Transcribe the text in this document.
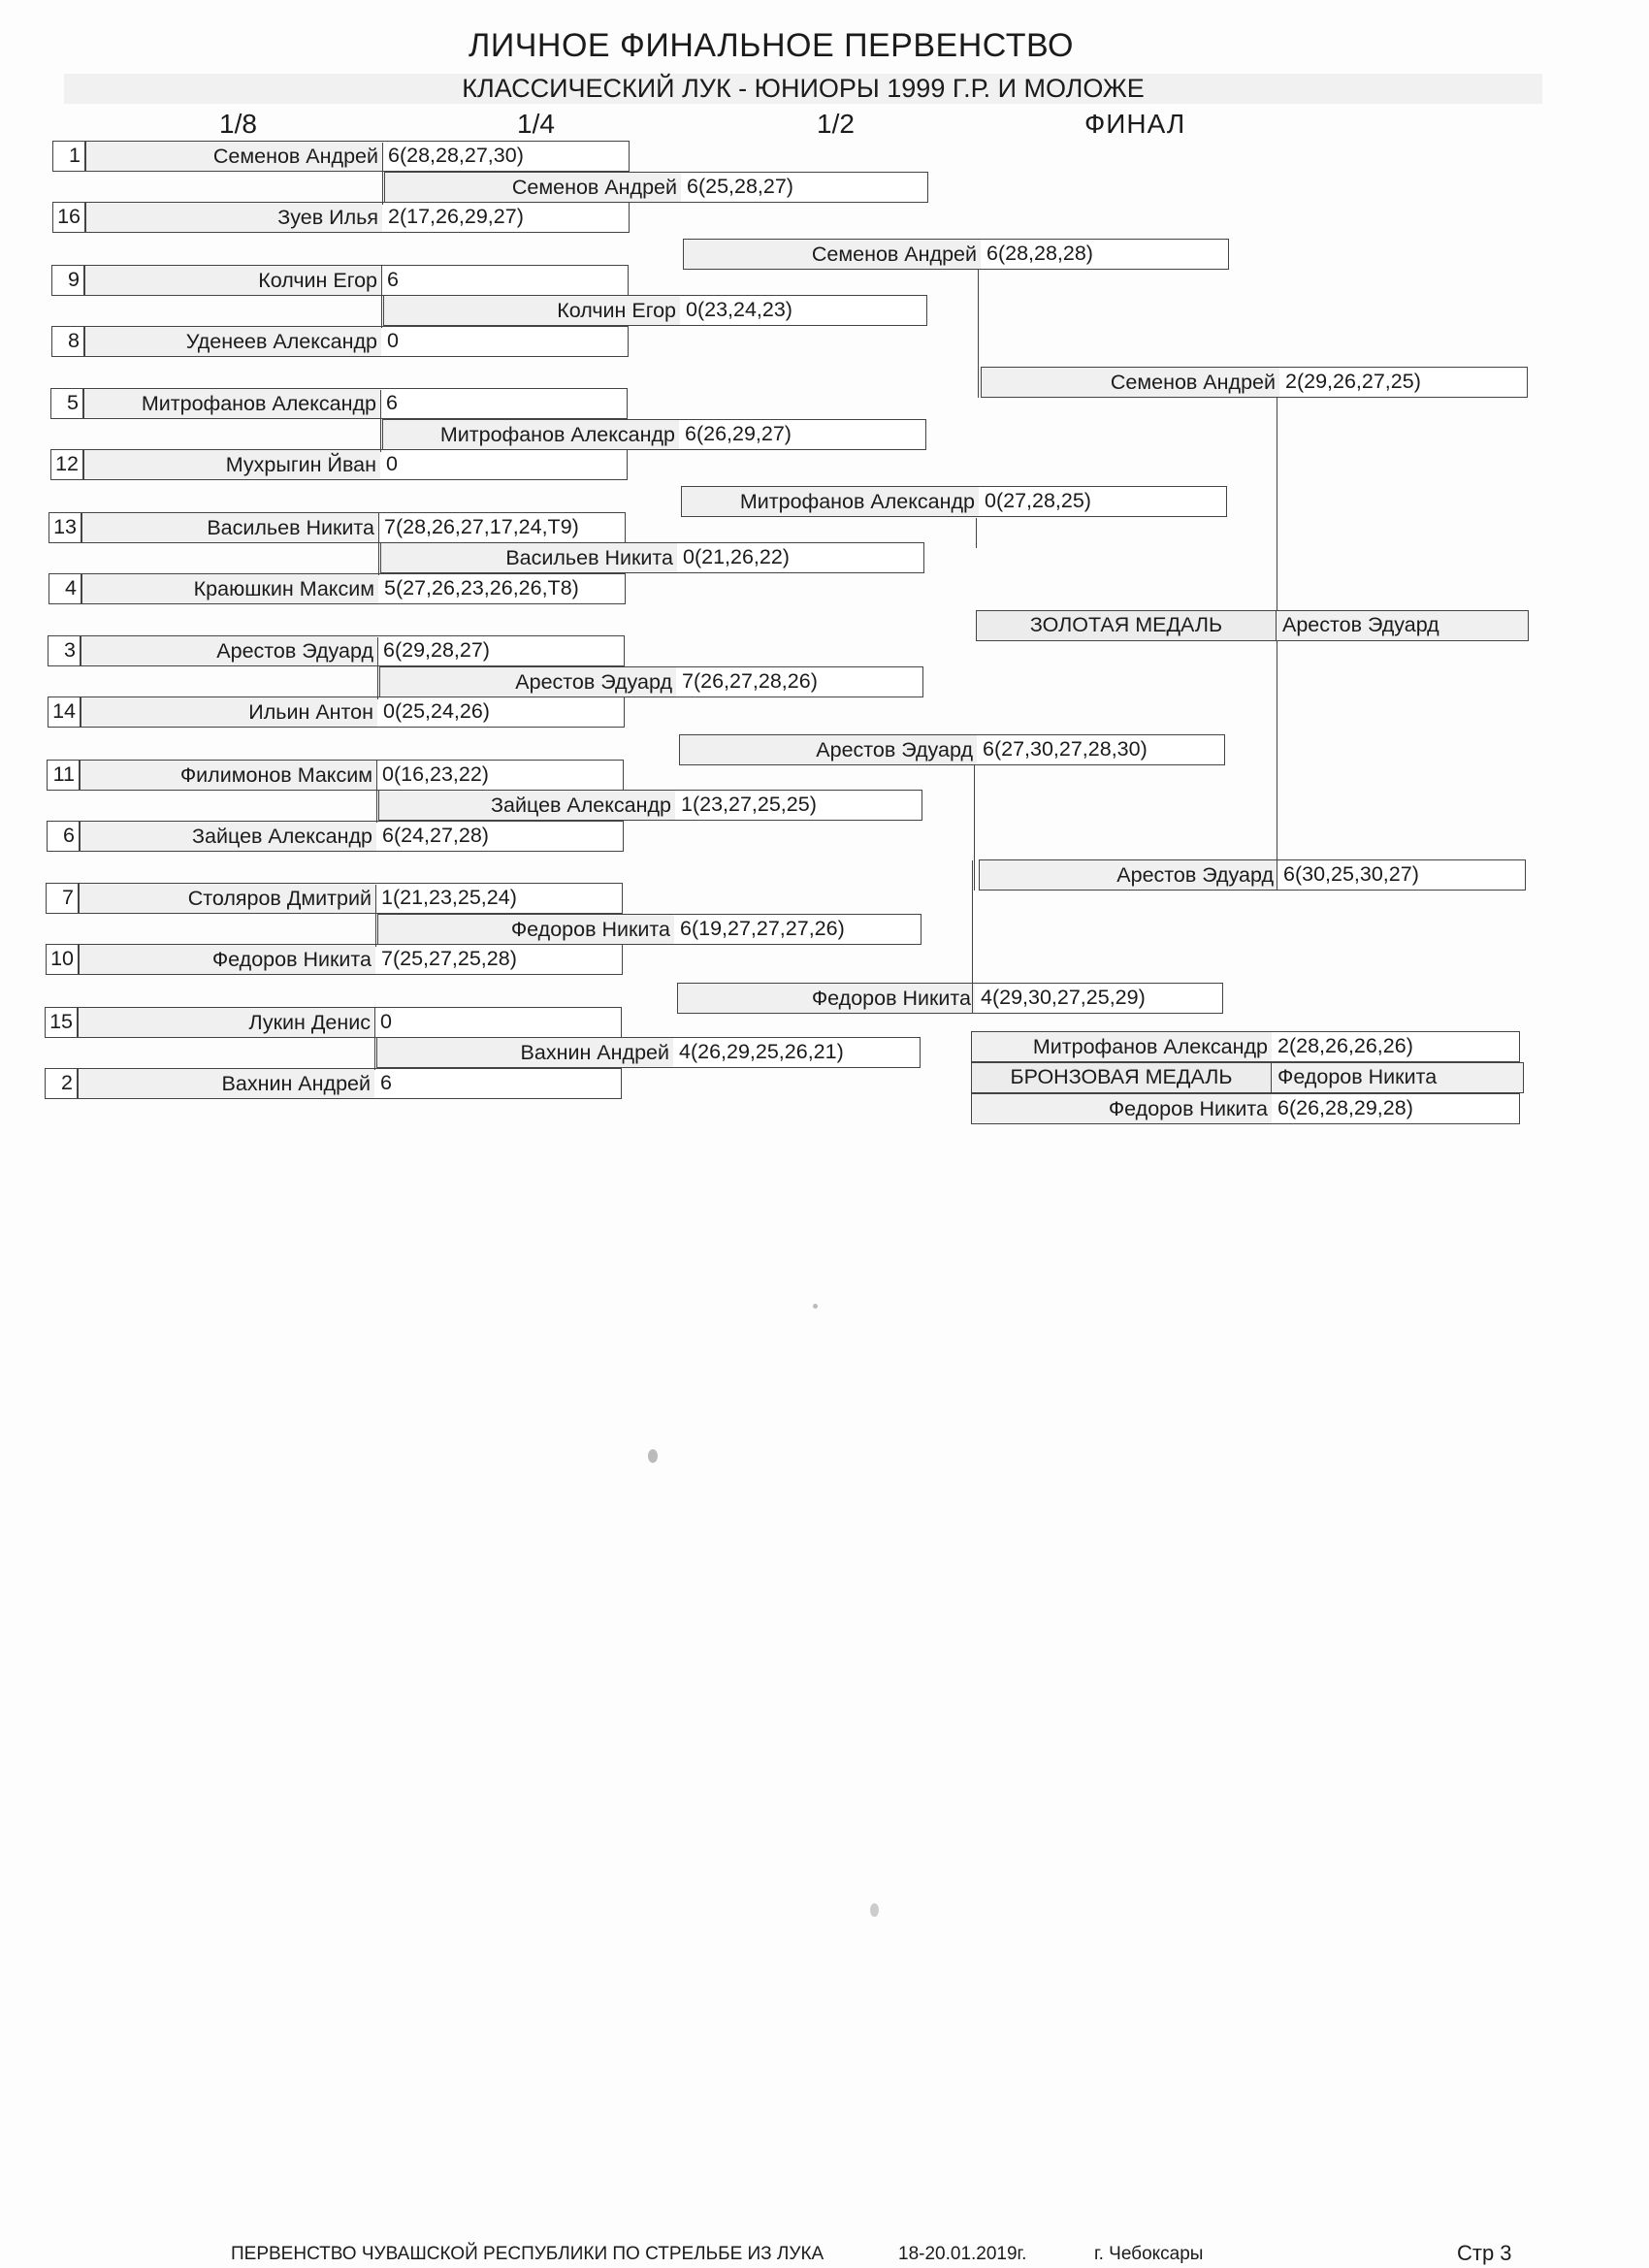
ЛИЧНОЕ ФИНАЛЬНОЕ ПЕРВЕНСТВО
КЛАССИЧЕСКИЙ ЛУК - ЮНИОРЫ 1999 Г.Р. И МОЛОЖЕ
1/8	1/4	1/2	ФИНАЛ
1	Семенов Андрей 6(28,28,27,30)
16	Зуев Илья 2(17,26,29,27)
9	Колчин Егор 6
8	Уденеев Александр 0
5	Митрофанов Александр 6
12	Мухрыгин Йван 0
13	Васильев Никита 7(28,26,27,17,24,Т9)
4	Краюшкин Максим 5(27,26,23,26,26,Т8)
3	Арестов Эдуард 6(29,28,27)
14	Ильин Антон 0(25,24,26)
11	Филимонов Максим 0(16,23,22)
6	Зайцев Александр 6(24,27,28)
7	Столяров Дмитрий 1(21,23,25,24)
10	Федоров Никита 7(25,27,25,28)
15	Лукин Денис 0
2	Вахнин Андрей 6
Семенов Андрей 6(25,28,27)
Колчин Егор 0(23,24,23)
Митрофанов Александр 6(26,29,27)
Васильев Никита 0(21,26,22)
Арестов Эдуард 7(26,27,28,26)
Зайцев Александр 1(23,27,25,25)
Федоров Никита 6(19,27,27,27,26)
Вахнин Андрей 4(26,29,25,26,21)
Семенов Андрей 6(28,28,28)
Митрофанов Александр 0(27,28,25)
Арестов Эдуард 6(27,30,27,28,30)
Федоров Никита 4(29,30,27,25,29)
Семенов Андрей 2(29,26,27,25)
Арестов Эдуард 6(30,25,30,27)
ЗОЛОТАЯ МЕДАЛЬ	Арестов Эдуард
Митрофанов Александр 2(28,26,26,26)
БРОНЗОВАЯ МЕДАЛЬ	Федоров Никита
Федоров Никита 6(26,28,29,28)
ПЕРВЕНСТВО ЧУВАШСКОЙ РЕСПУБЛИКИ ПО СТРЕЛЬБЕ ИЗ ЛУКА	18-20.01.2019г.	г. Чебоксары	Стр 3
